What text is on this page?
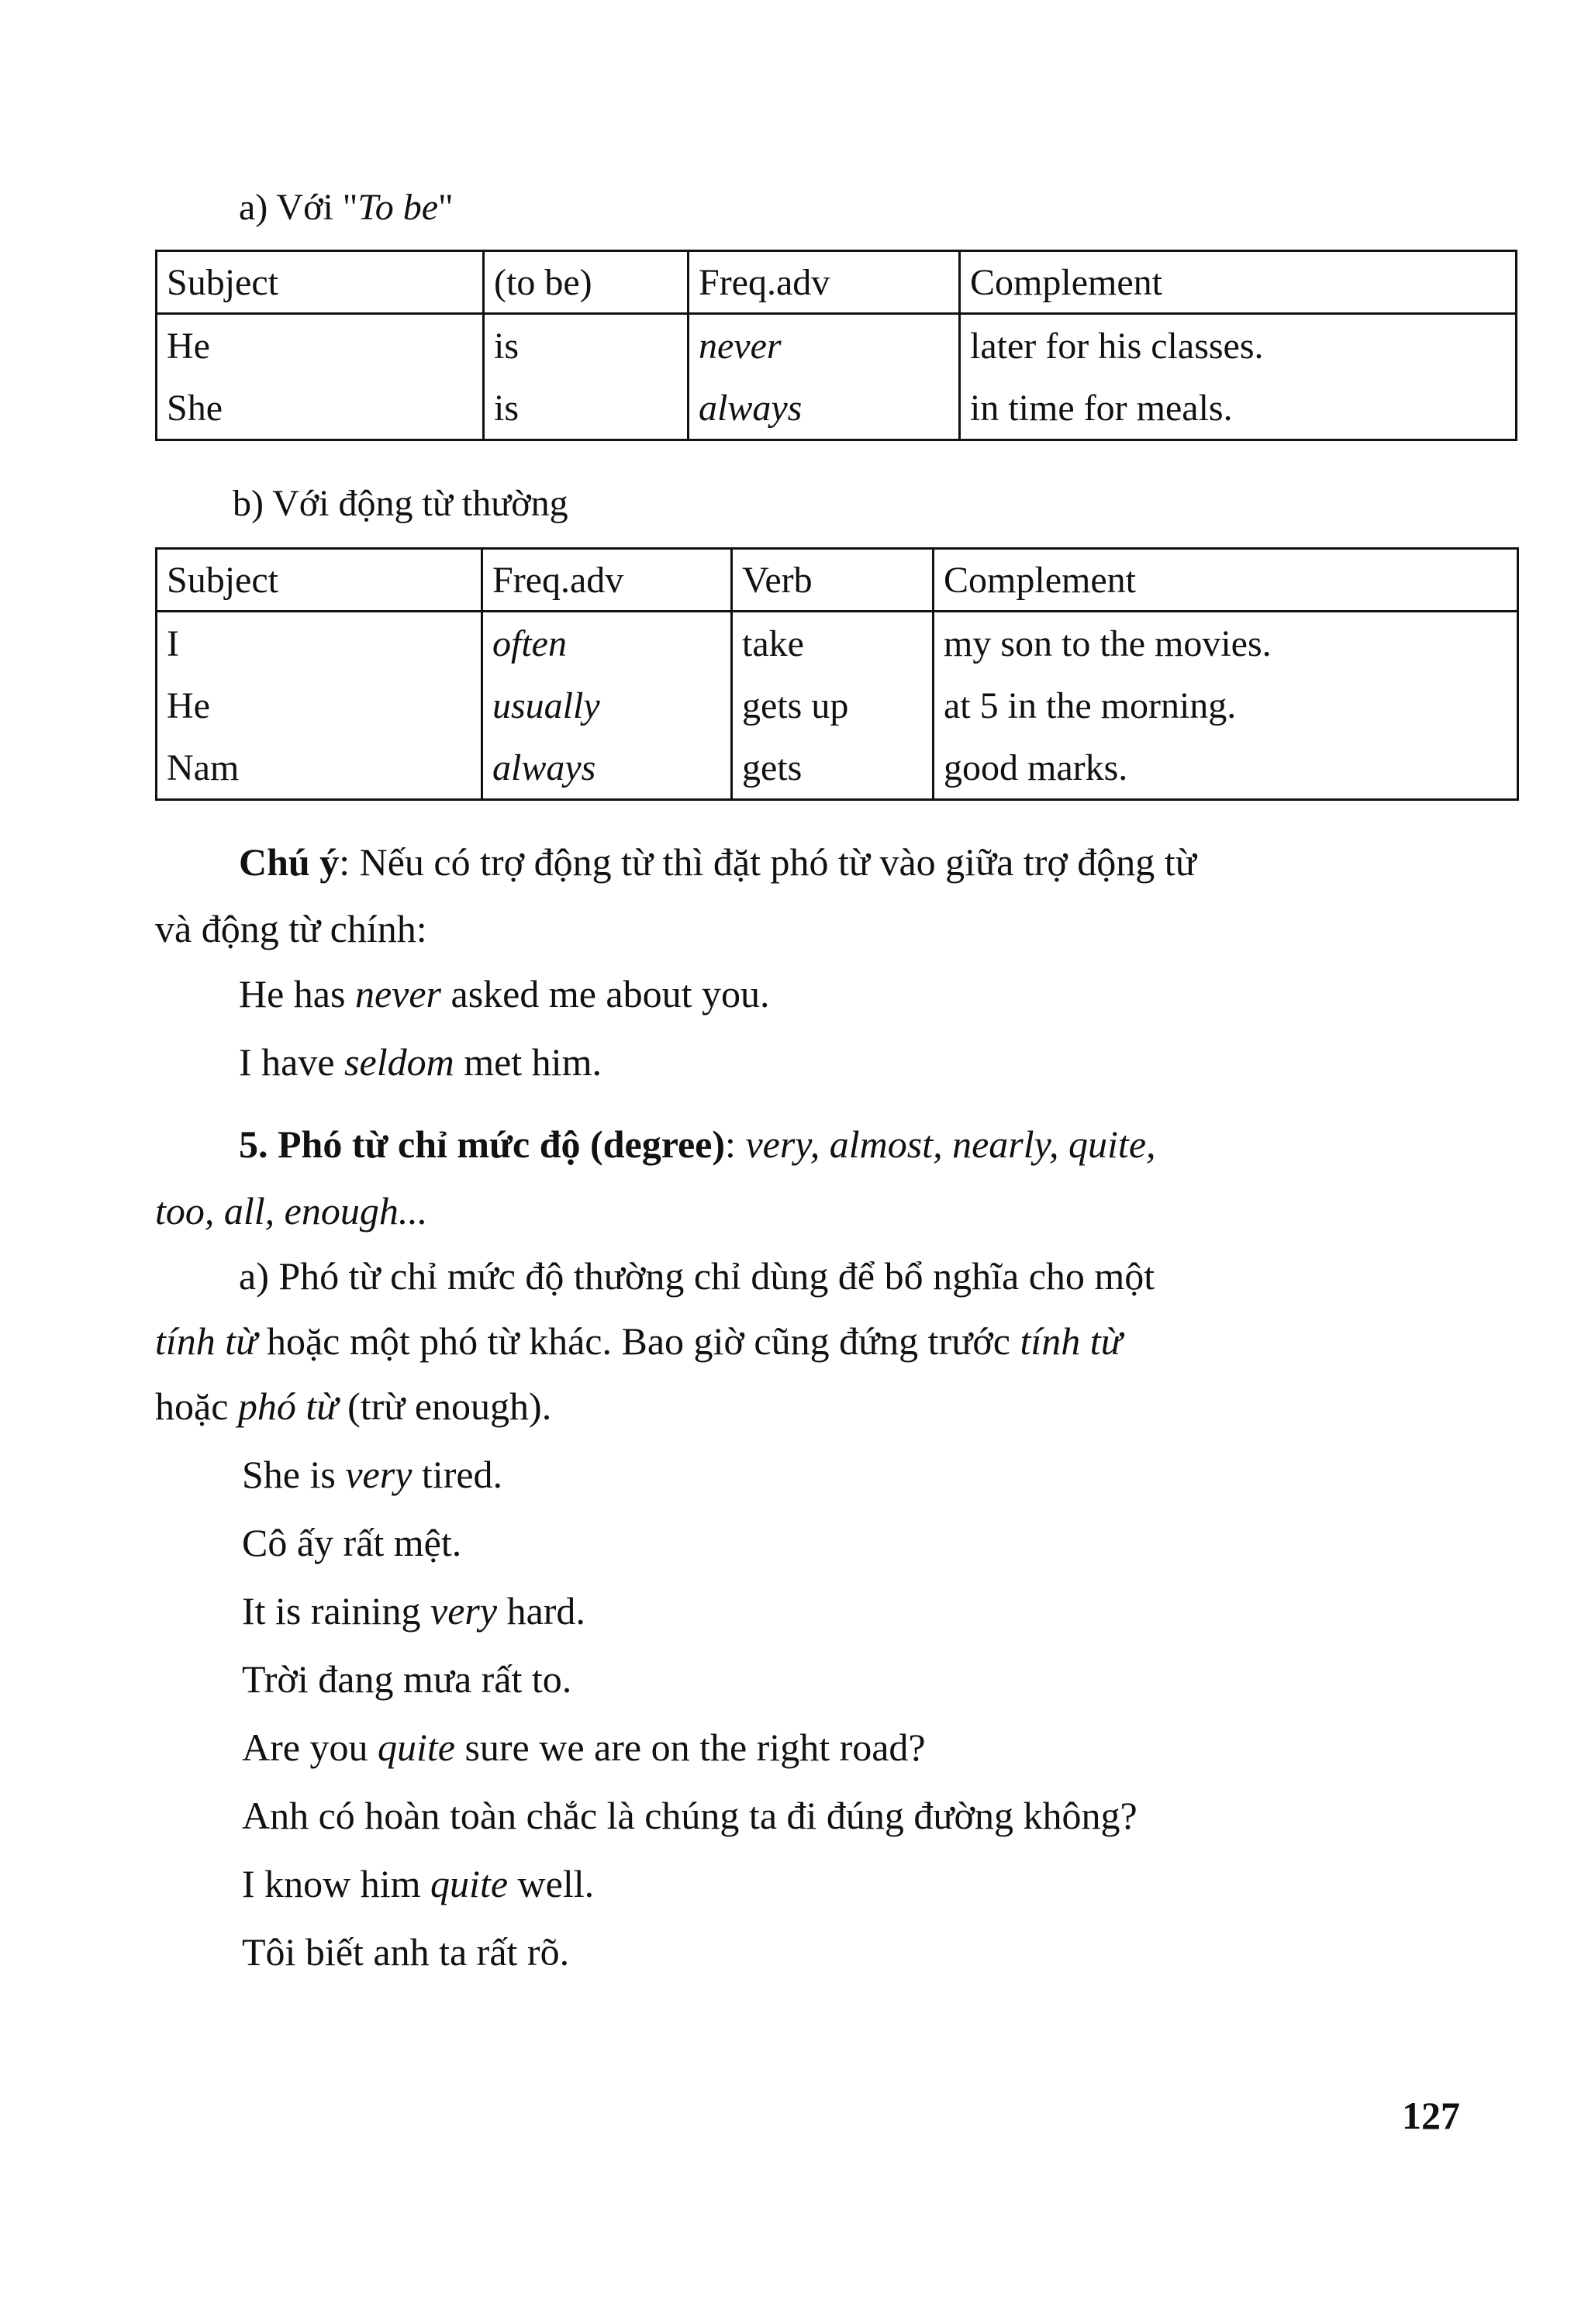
a) Với "To be"
Subject	(to be)	Freq.adv	Complement
He	is	never	later for his classes.
She	is	always	in time for meals.
b) Với động từ thường
Subject	Freq.adv	Verb	Complement
I	often	take	my son to the movies.
He	usually	gets up	at 5 in the morning.
Nam	always	gets	good marks.
Chú ý: Nếu có trợ động từ thì đặt phó từ vào giữa trợ động từ
và động từ chính:
He has never asked me about you.
I have seldom met him.
5. Phó từ chỉ mức độ (degree): very, almost, nearly, quite,
too, all, enough...
a) Phó từ chỉ mức độ thường chỉ dùng để bổ nghĩa cho một
tính từ hoặc một phó từ khác. Bao giờ cũng đứng trước tính từ
hoặc phó từ (trừ enough).
She is very tired.
Cô ấy rất mệt.
It is raining very hard.
Trời đang mưa rất to.
Are you quite sure we are on the right road?
Anh có hoàn toàn chắc là chúng ta đi đúng đường không?
I know him quite well.
Tôi biết anh ta rất rõ.
127
